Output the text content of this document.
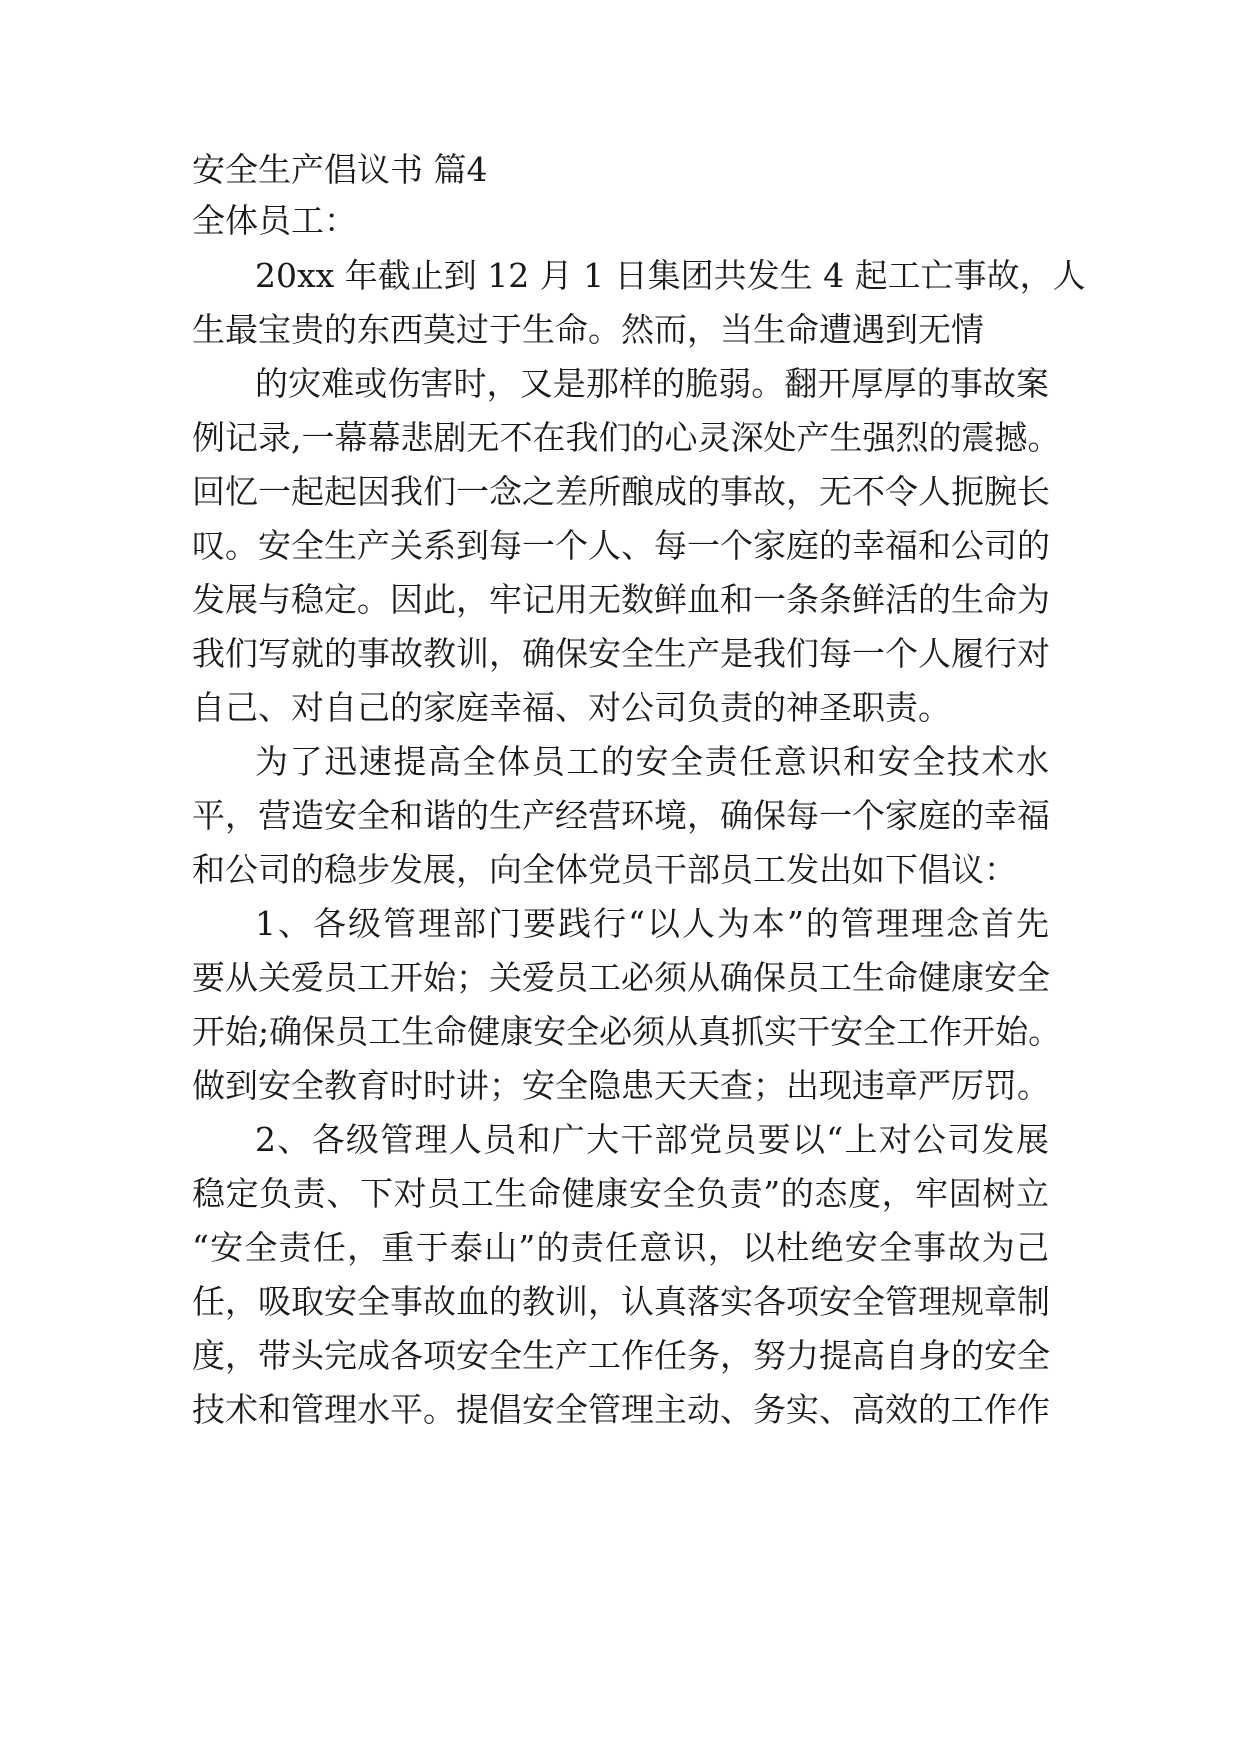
安全生产倡议书 篇4
全体员工：
20xx 年截止到 12 月 1 日集团共发生 4 起工亡事故，人
生最宝贵的东西莫过于生命。然而，当生命遭遇到无情
的灾难或伤害时，又是那样的脆弱。翻开厚厚的事故案
例记录,一幕幕悲剧无不在我们的心灵深处产生强烈的震撼。
回忆一起起因我们一念之差所酿成的事故，无不令人扼腕长
叹。安全生产关系到每一个人、每一个家庭的幸福和公司的
发展与稳定。因此，牢记用无数鲜血和一条条鲜活的生命为
我们写就的事故教训，确保安全生产是我们每一个人履行对
自己、对自己的家庭幸福、对公司负责的神圣职责。
为了迅速提高全体员工的安全责任意识和安全技术水
平，营造安全和谐的生产经营环境，确保每一个家庭的幸福
和公司的稳步发展，向全体党员干部员工发出如下倡议：
1、各级管理部门要践行“以人为本”的管理理念首先
要从关爱员工开始；关爱员工必须从确保员工生命健康安全
开始;确保员工生命健康安全必须从真抓实干安全工作开始。
做到安全教育时时讲；安全隐患天天查；出现违章严厉罚。
2、各级管理人员和广大干部党员要以“上对公司发展
稳定负责、下对员工生命健康安全负责”的态度，牢固树立
“安全责任，重于泰山”的责任意识，以杜绝安全事故为己
任，吸取安全事故血的教训，认真落实各项安全管理规章制
度，带头完成各项安全生产工作任务，努力提高自身的安全
技术和管理水平。提倡安全管理主动、务实、高效的工作作
